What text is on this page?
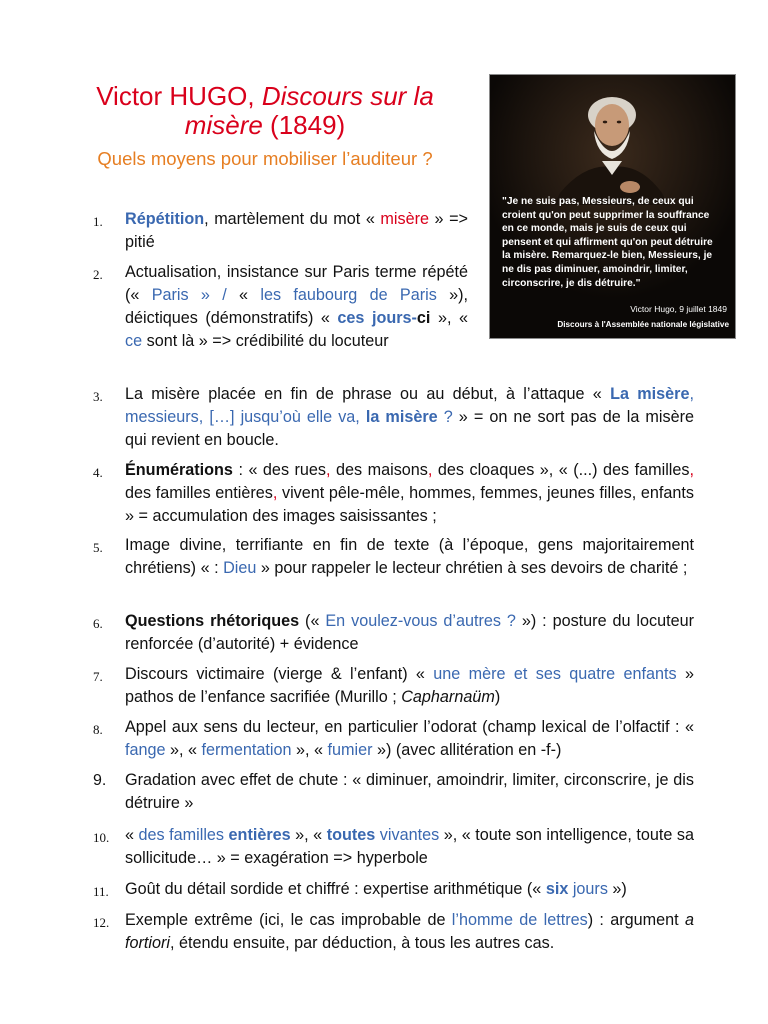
Victor HUGO, Discours sur la misère (1849)
Quels moyens pour mobiliser l’auditeur ?
"Je ne suis pas, Messieurs, de ceux qui croient qu'on peut supprimer la souffrance en ce monde, mais je suis de ceux qui pensent et qui affirment qu'on peut détruire la misère. Remarquez-le bien, Messieurs, je ne dis pas diminuer, amoindrir, limiter, circonscrire, je dis détruire."
Victor Hugo, 9 juillet 1849
Discours à l'Assemblée nationale législative
1.	Répétition, martèlement du mot « misère » => pitié
2.	Actualisation, insistance sur Paris terme répété (« Paris » / « les faubourg de Paris »), déictiques (démonstratifs) « ces jours-ci », « ce sont là » => crédibilité du locuteur
3.	La misère placée en fin de phrase ou au début, à l’attaque « La misère, messieurs, […] jusqu’où elle va, la misère ? » = on ne sort pas de la misère qui revient en boucle.
4.	Énumérations : « des rues, des maisons, des cloaques », « (...) des familles, des familles entières, vivent pêle-mêle, hommes, femmes, jeunes filles, enfants » = accumulation des images saisissantes ;
5.	Image divine, terrifiante en fin de texte (à l’époque, gens majoritairement chrétiens) « : Dieu » pour rappeler le lecteur chrétien à ses devoirs de charité ;
6.	Questions rhétoriques (« En voulez-vous d’autres ? ») : posture du locuteur renforcée (d’autorité) + évidence
7.	Discours victimaire (vierge & l’enfant) « une mère et ses quatre enfants » pathos de l’enfance sacrifiée (Murillo ; Capharnaüm)
8.	Appel aux sens du lecteur, en particulier l’odorat (champ lexical de l’olfactif : « fange », « fermentation », « fumier ») (avec allitération en -f-)
9.	Gradation avec effet de chute : « diminuer, amoindrir, limiter, circonscrire, je dis détruire »
10. « des familles entières », « toutes vivantes », « toute son intelligence, toute sa sollicitude… » = exagération => hyperbole
11.	Goût du détail sordide et chiffré : expertise arithmétique (« six jours »)
12. Exemple extrême (ici, le cas improbable de l’homme de lettres) : argument a fortiori, étendu ensuite, par déduction, à tous les autres cas.
